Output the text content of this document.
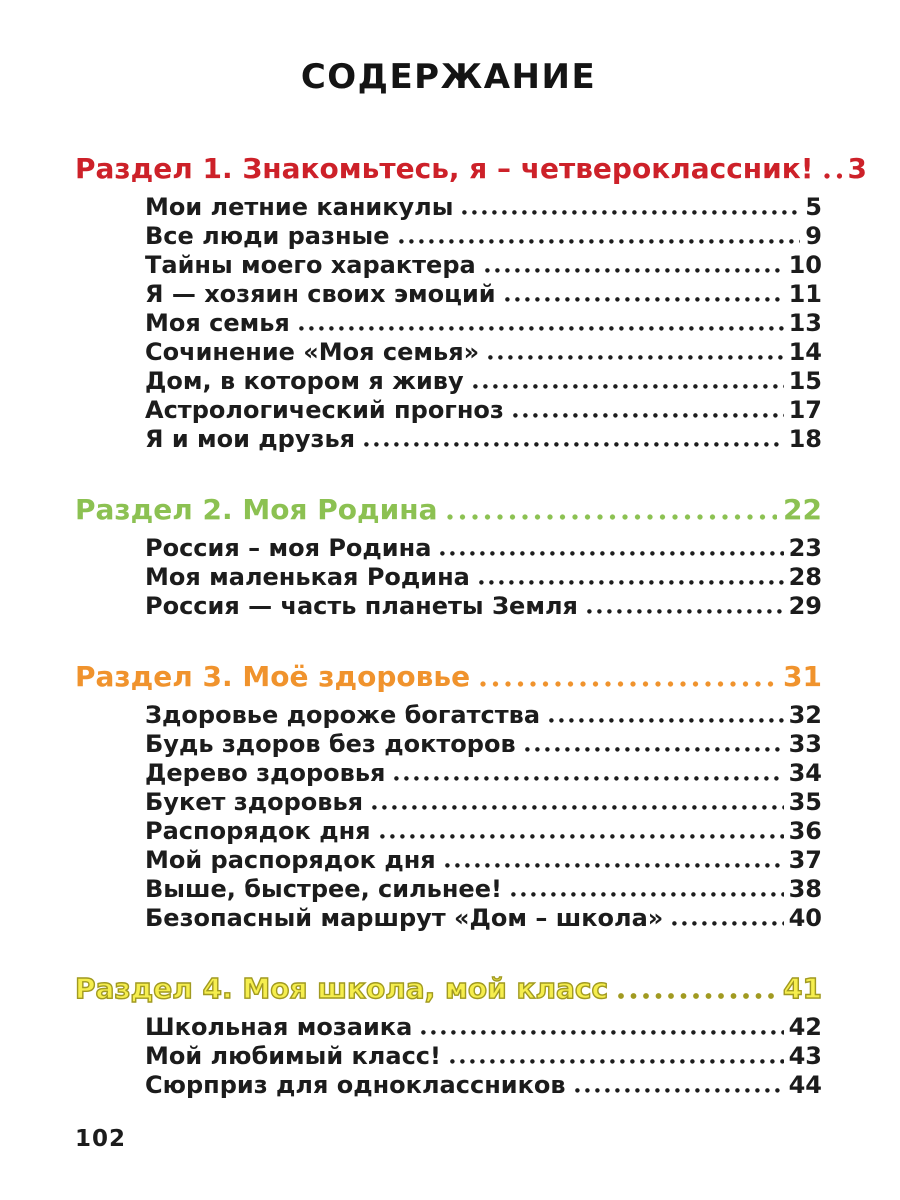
СОДЕРЖАНИЕ
Раздел 1. Знакомьтесь, я – четвероклассник! 3
Мои летние каникулы	5
Все люди разные	9
Тайны моего характера	10
Я — хозяин своих эмоций	11
Моя семья	13
Сочинение «Моя семья»	14
Дом, в котором я живу	15
Астрологический прогноз	17
Я и мои друзья	18
Раздел 2. Моя Родина	22
Россия – моя Родина	23
Моя маленькая Родина	28
Россия — часть планеты Земля	29
Раздел 3. Моё здоровье	31
Здоровье дороже богатства	32
Будь здоров без докторов	33
Дерево здоровья	34
Букет здоровья	35
Распорядок дня	36
Мой распорядок дня	37
Выше, быстрее, сильнее!	38
Безопасный маршрут «Дом – школа»	40
Раздел 4. Моя школа, мой класс	41
Школьная мозаика	42
Мой любимый класс!	43
Сюрприз для одноклассников	44
102
